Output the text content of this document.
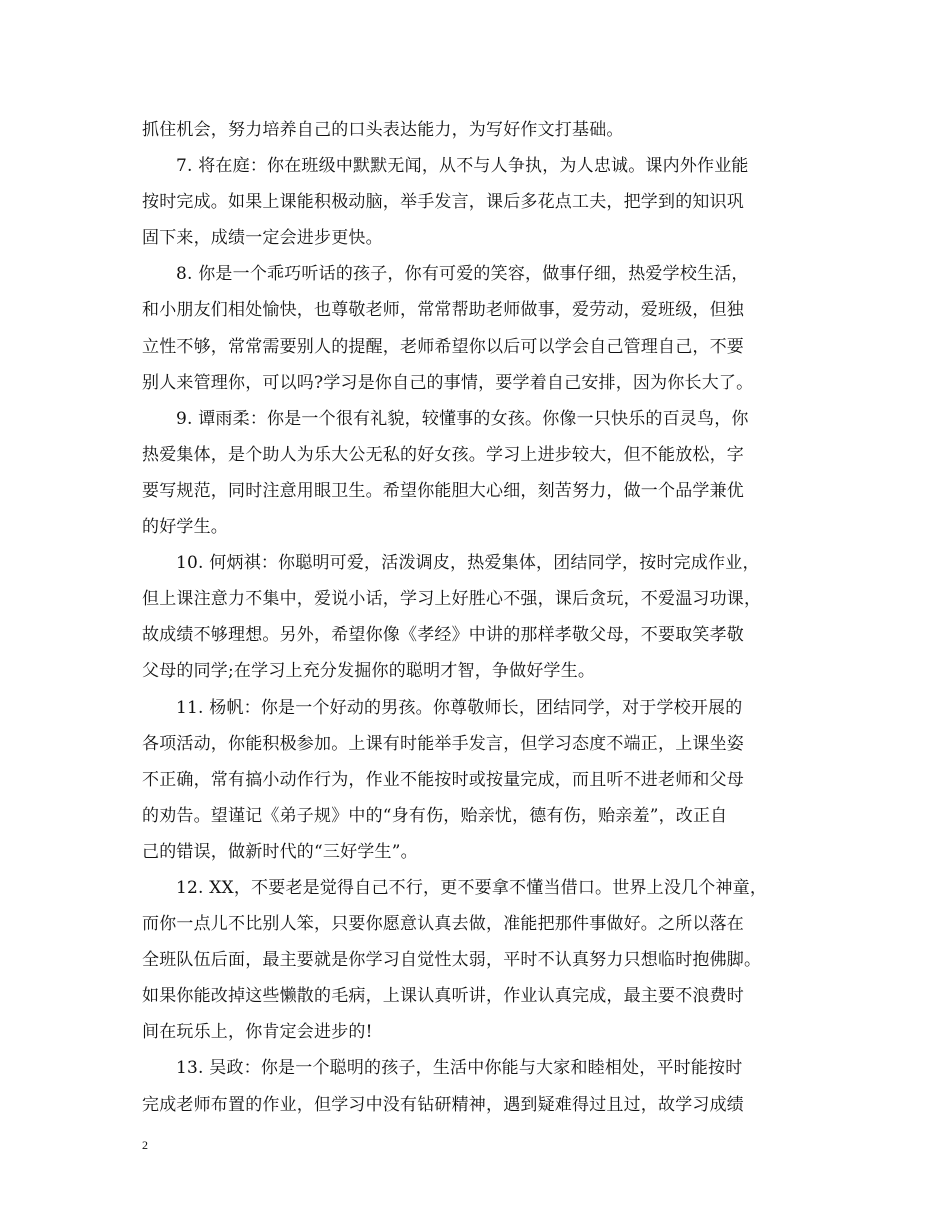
抓住机会，努力培养自己的口头表达能力，为写好作文打基础。
7. 将在庭：你在班级中默默无闻，从不与人争执，为人忠诚。课内外作业能
按时完成。如果上课能积极动脑，举手发言，课后多花点工夫，把学到的知识巩
固下来，成绩一定会进步更快。
8. 你是一个乖巧听话的孩子，你有可爱的笑容，做事仔细，热爱学校生活，
和小朋友们相处愉快，也尊敬老师，常常帮助老师做事，爱劳动，爱班级，但独
立性不够，常常需要别人的提醒，老师希望你以后可以学会自己管理自己，不要
别人来管理你，可以吗?学习是你自己的事情，要学着自己安排，因为你长大了。
9. 谭雨柔：你是一个很有礼貌，较懂事的女孩。你像一只快乐的百灵鸟，你
热爱集体，是个助人为乐大公无私的好女孩。学习上进步较大，但不能放松，字
要写规范，同时注意用眼卫生。希望你能胆大心细，刻苦努力，做一个品学兼优
的好学生。
10. 何炳祺：你聪明可爱，活泼调皮，热爱集体，团结同学，按时完成作业，
但上课注意力不集中，爱说小话，学习上好胜心不强，课后贪玩，不爱温习功课，
故成绩不够理想。另外，希望你像《孝经》中讲的那样孝敬父母，不要取笑孝敬
父母的同学;在学习上充分发掘你的聪明才智，争做好学生。
11. 杨帆：你是一个好动的男孩。你尊敬师长，团结同学，对于学校开展的
各项活动，你能积极参加。上课有时能举手发言，但学习态度不端正，上课坐姿
不正确，常有搞小动作行为，作业不能按时或按量完成，而且听不进老师和父母
的劝告。望谨记《弟子规》中的“身有伤，贻亲忧，德有伤，贻亲羞”，改正自
己的错误，做新时代的“三好学生”。
12. XX，不要老是觉得自己不行，更不要拿不懂当借口。世界上没几个神童，
而你一点儿不比别人笨，只要你愿意认真去做，准能把那件事做好。之所以落在
全班队伍后面，最主要就是你学习自觉性太弱，平时不认真努力只想临时抱佛脚。
如果你能改掉这些懒散的毛病，上课认真听讲，作业认真完成，最主要不浪费时
间在玩乐上，你肯定会进步的!
13. 吴政：你是一个聪明的孩子，生活中你能与大家和睦相处，平时能按时
完成老师布置的作业，但学习中没有钻研精神，遇到疑难得过且过，故学习成绩
2
